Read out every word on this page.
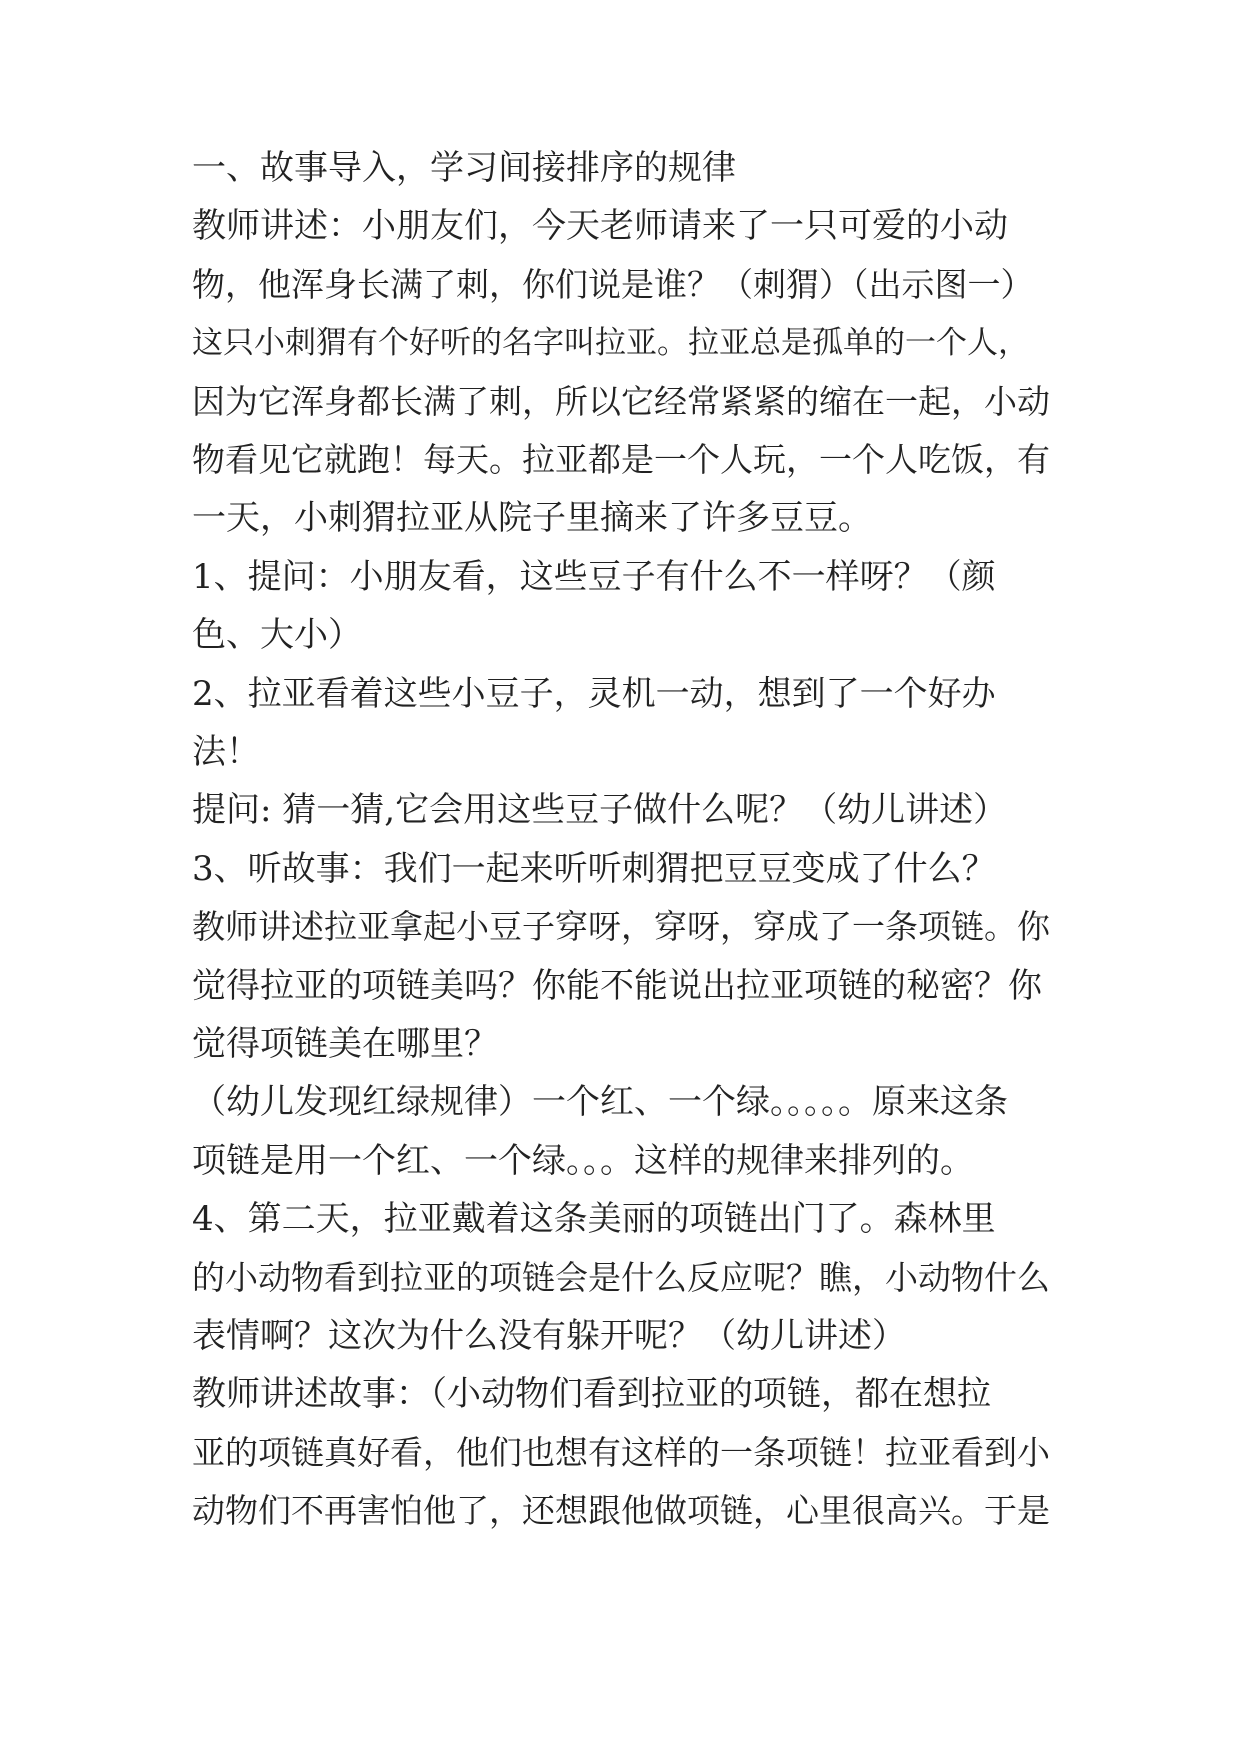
一、故事导入，学习间接排序的规律
教师讲述：小朋友们，今天老师请来了一只可爱的小动
物，他浑身长满了刺，你们说是谁？（刺猬）（出示图一）
这只小刺猬有个好听的名字叫拉亚。拉亚总是孤单的一个人，
因为它浑身都长满了刺，所以它经常紧紧的缩在一起，小动
物看见它就跑！每天。拉亚都是一个人玩，一个人吃饭，有
一天，小刺猬拉亚从院子里摘来了许多豆豆。
1、提问：小朋友看，这些豆子有什么不一样呀？（颜
色、大小）
2、拉亚看着这些小豆子，灵机一动，想到了一个好办
法！
提问: 猜一猜,它会用这些豆子做什么呢？（幼儿讲述）
3、听故事：我们一起来听听刺猬把豆豆变成了什么？
教师讲述拉亚拿起小豆子穿呀，穿呀，穿成了一条项链。你
觉得拉亚的项链美吗？你能不能说出拉亚项链的秘密？你
觉得项链美在哪里？
（幼儿发现红绿规律）一个红、一个绿。。。。。原来这条
项链是用一个红、一个绿。。。这样的规律来排列的。
4、第二天，拉亚戴着这条美丽的项链出门了。森林里
的小动物看到拉亚的项链会是什么反应呢？瞧，小动物什么
表情啊？这次为什么没有躲开呢？（幼儿讲述）
教师讲述故事：（小动物们看到拉亚的项链，都在想拉
亚的项链真好看，他们也想有这样的一条项链！拉亚看到小
动物们不再害怕他了，还想跟他做项链，心里很高兴。于是
